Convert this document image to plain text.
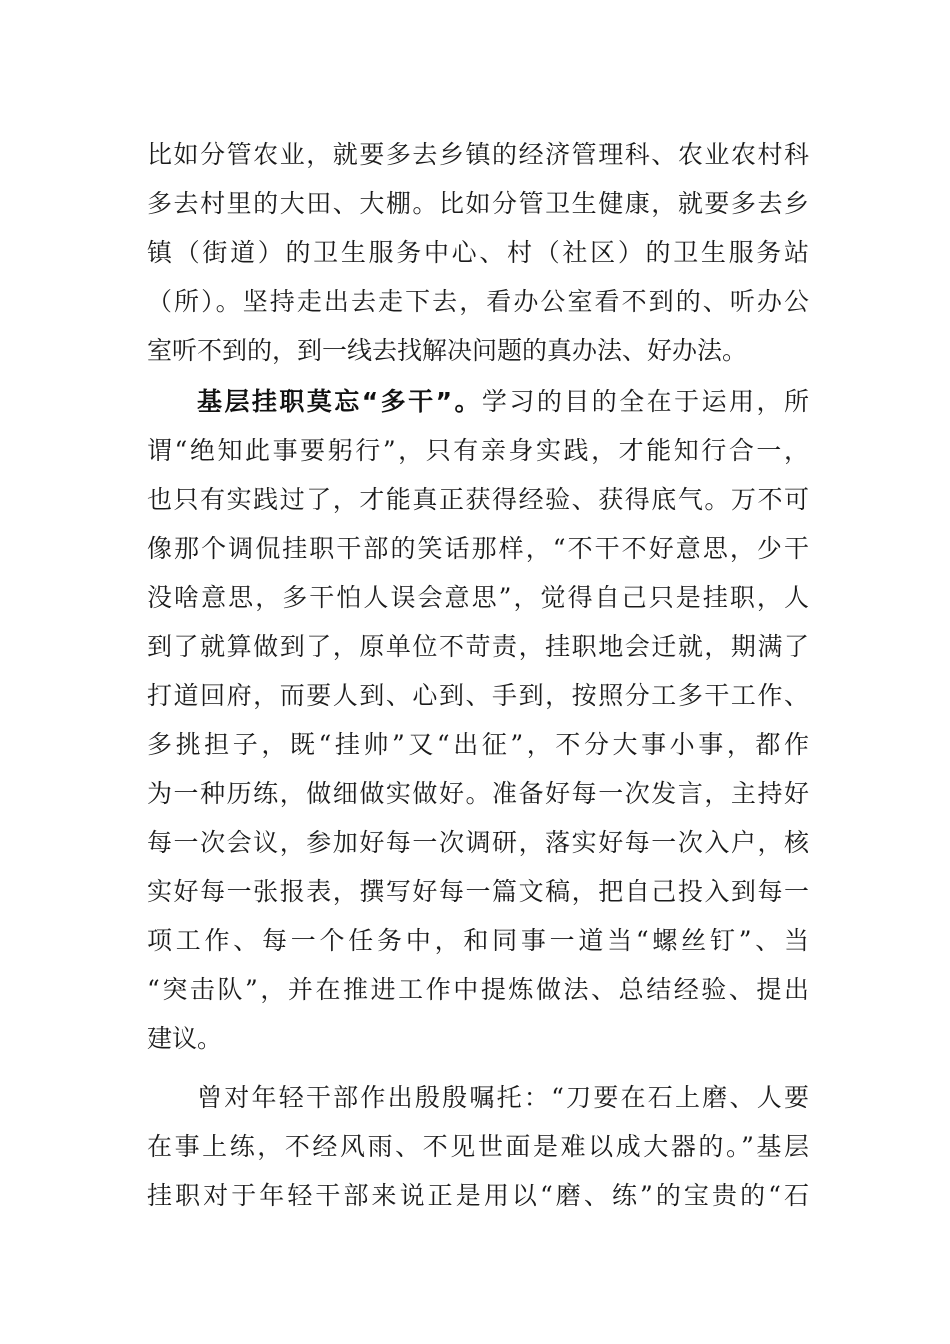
比如分管农业，就要多去乡镇的经济管理科、农业农村科
多去村里的大田、大棚。比如分管卫生健康，就要多去乡
镇（街道）的卫生服务中心、村（社区）的卫生服务站
（所）。坚持走出去走下去，看办公室看不到的、听办公
室听不到的，到一线去找解决问题的真办法、好办法。
基层挂职莫忘“多干”。学习的目的全在于运用，所
谓“绝知此事要躬行”，只有亲身实践，才能知行合一，
也只有实践过了，才能真正获得经验、获得底气。万不可
像那个调侃挂职干部的笑话那样，“不干不好意思，少干
没啥意思，多干怕人误会意思”，觉得自己只是挂职，人
到了就算做到了，原单位不苛责，挂职地会迁就，期满了
打道回府，而要人到、心到、手到，按照分工多干工作、
多挑担子，既“挂帅”又“出征”，不分大事小事，都作
为一种历练，做细做实做好。准备好每一次发言，主持好
每一次会议，参加好每一次调研，落实好每一次入户，核
实好每一张报表，撰写好每一篇文稿，把自己投入到每一
项工作、每一个任务中，和同事一道当“螺丝钉”、当
“突击队”，并在推进工作中提炼做法、总结经验、提出
建议。
曾对年轻干部作出殷殷嘱托：“刀要在石上磨、人要
在事上练，不经风雨、不见世面是难以成大器的。”基层
挂职对于年轻干部来说正是用以“磨、练”的宝贵的“石
